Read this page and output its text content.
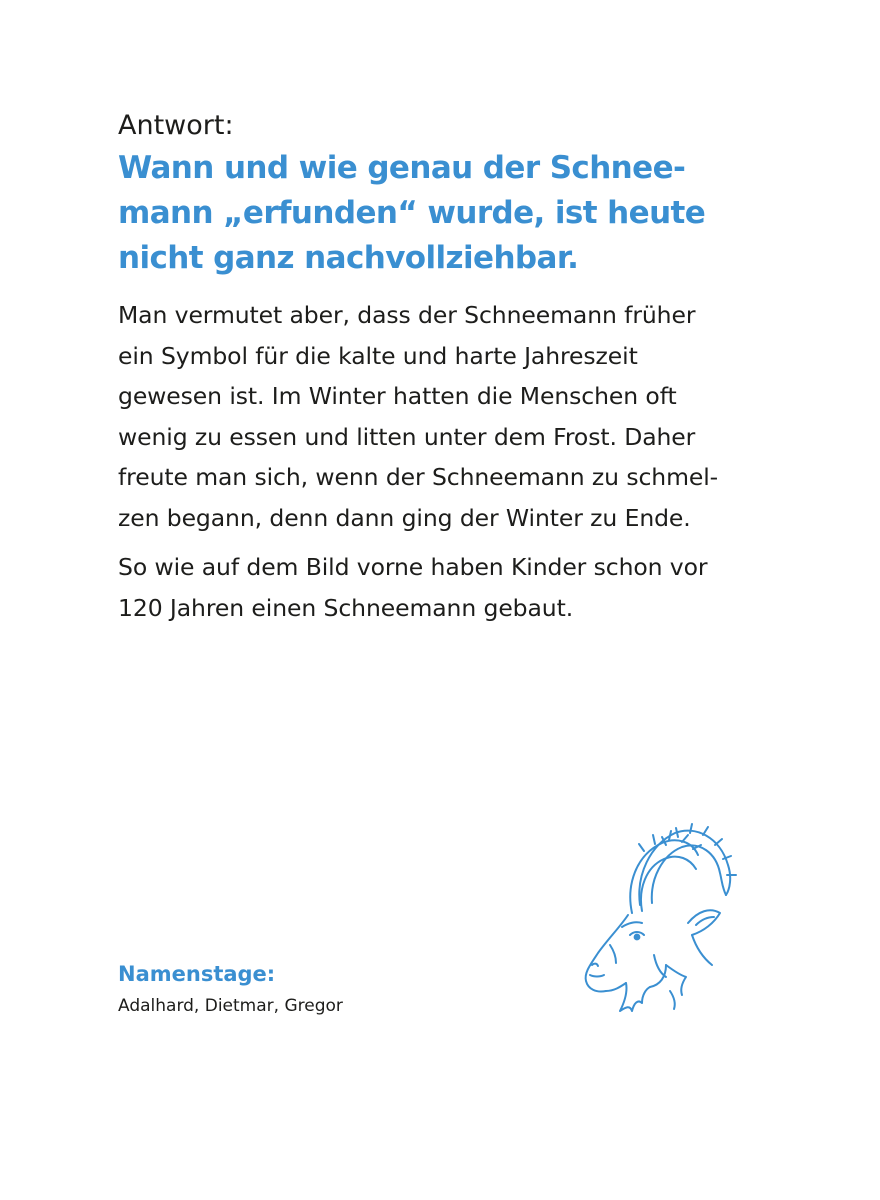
Antwort:

Wann und wie genau der Schnee-
mann „erfunden“ wurde, ist heute
nicht ganz nachvollziehbar.

Man vermutet aber, dass der Schneemann früher
ein Symbol für die kalte und harte Jahreszeit
gewesen ist. Im Winter hatten die Menschen oft
wenig zu essen und litten unter dem Frost. Daher
freute man sich, wenn der Schneemann zu schmel-
zen begann, denn dann ging der Winter zu Ende.

So wie auf dem Bild vorne haben Kinder schon vor
120 Jahren einen Schneemann gebaut.

Namenstage:

Adalhard, Dietmar, Gregor
